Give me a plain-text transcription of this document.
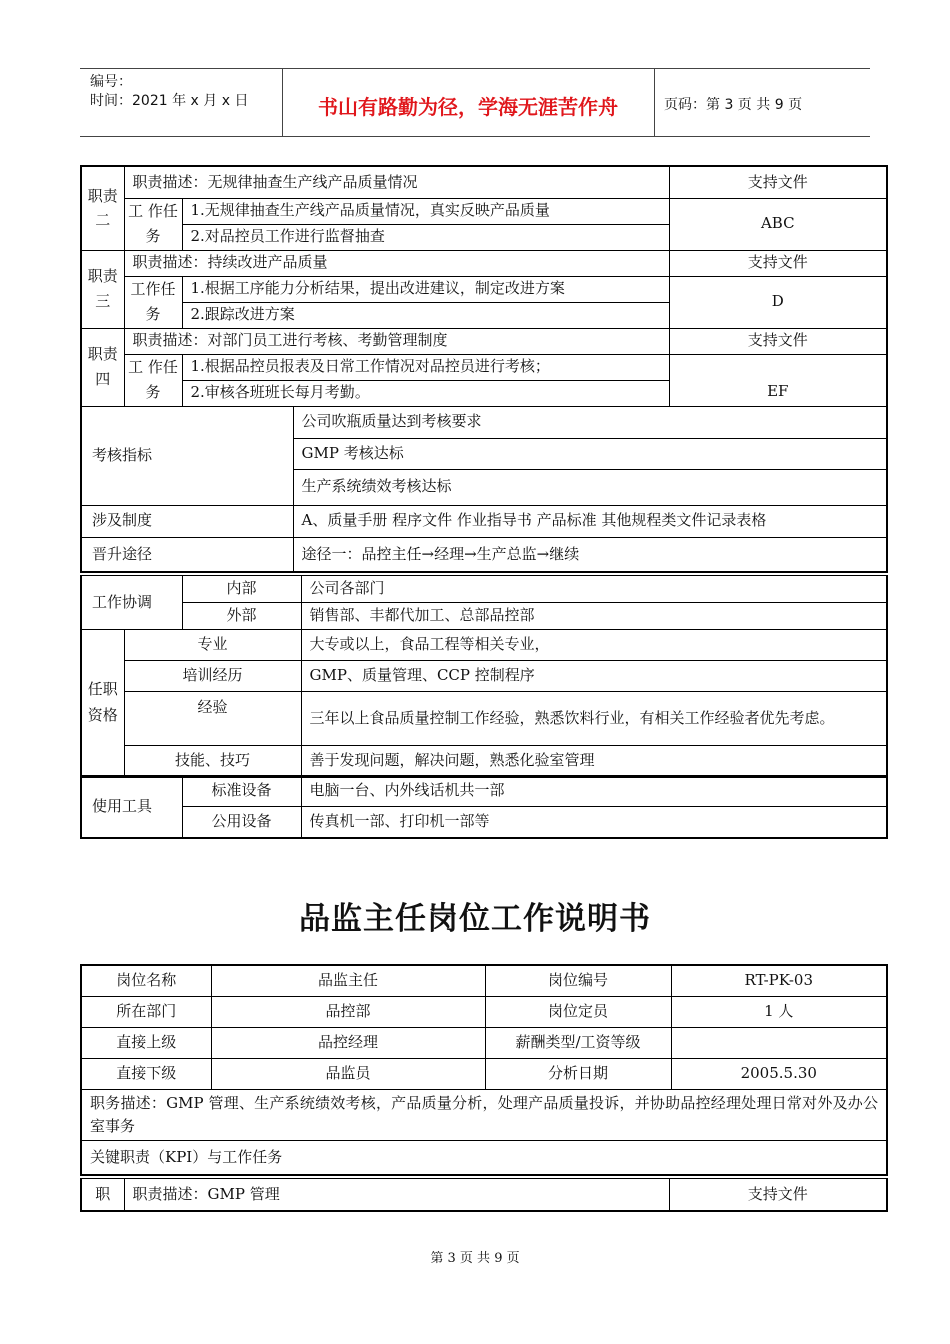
编号：
时间：2021 年 x 月 x 日	书山有路勤为径，学海无涯苦作舟	页码：第 3 页 共 9 页
职责二	职责描述：无规律抽查生产线产品质量情况			支持文件
	工 作任务	1.无规律抽查生产线产品质量情况，真实反映产品质量		ABC
		2.对品控员工作进行监督抽查		
职责三	职责描述：持续改进产品质量			支持文件
	工作任务	1.根据工序能力分析结果，提出改进建议，制定改进方案		D
		2.跟踪改进方案		
职责四	职责描述：对部门员工进行考核、考勤管理制度			支持文件
	工 作任务	1.根据品控员报表及日常工作情况对品控员进行考核；		EF
		2.审核各班班长每月考勤。		
考核指标			公司吹瓶质量达到考核要求	
			GMP 考核达标	
			生产系统绩效考核达标	
涉及制度			A、质量手册 程序文件 作业指导书 产品标准 其他规程类文件记录表格	
晋升途径			途径一：品控主任→经理→生产总监→继续	
工作协调		内部	公司各部门
		外部	销售部、丰都代加工、总部品控部
任职资格	专业		大专或以上，食品工程等相关专业，
	培训经历		GMP、质量管理、CCP 控制程序
	经验		三年以上食品质量控制工作经验，熟悉饮料行业，有相关工作经验者优先考虑。
	技能、技巧		善于发现问题，解决问题，熟悉化验室管理
使用工具	标准设备	电脑一台、内外线话机共一部
	公用设备	传真机一部、打印机一部等
品监主任岗位工作说明书
岗位名称	品监主任	岗位编号	RT-PK-03
所在部门	品控部	岗位定员	1 人
直接上级	品控经理	薪酬类型/工资等级	
直接下级	品监员	分析日期	2005.5.30
职务描述：GMP 管理、生产系统绩效考核，产品质量分析，处理产品质量投诉，并协助品控经理处理日常对外及办公室事务			
关键职责（KPI）与工作任务			
职	职责描述：GMP 管理	支持文件
第 3 页 共 9 页
